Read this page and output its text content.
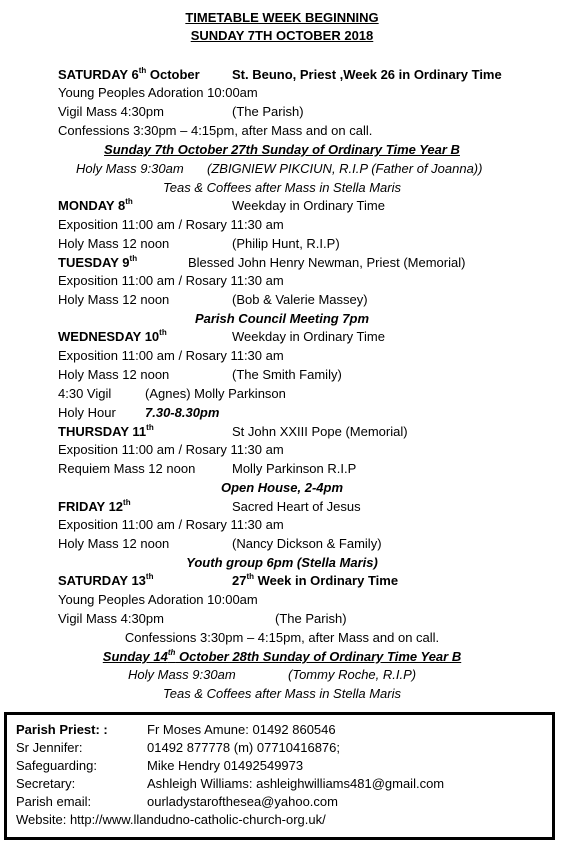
TIMETABLE WEEK BEGINNING
SUNDAY 7TH OCTOBER 2018
SATURDAY 6th October St. Beuno, Priest ,Week 26 in Ordinary Time
Young Peoples Adoration 10:00am
Vigil Mass 4:30pm	(The Parish)
Confessions 3:30pm – 4:15pm, after Mass and on call.
Sunday 7th October 27th Sunday of Ordinary Time Year B
Holy Mass 9:30am (ZBIGNIEW PIKCIUN, R.I.P (Father of Joanna))
Teas & Coffees after Mass in Stella Maris
MONDAY 8th	Weekday in Ordinary Time
Exposition 11:00 am / Rosary 11:30 am
Holy Mass 12 noon	(Philip Hunt, R.I.P)
TUESDAY 9th	Blessed John Henry Newman, Priest (Memorial)
Exposition 11:00 am / Rosary 11:30 am
Holy Mass 12 noon	(Bob & Valerie Massey)
Parish Council Meeting 7pm
WEDNESDAY 10th	Weekday in Ordinary Time
Exposition 11:00 am / Rosary 11:30 am
Holy Mass 12 noon	(The Smith Family)
4:30 Vigil	(Agnes) Molly Parkinson
Holy Hour 7.30-8.30pm
THURSDAY 11th	St John XXIII Pope (Memorial)
Exposition 11:00 am / Rosary 11:30 am
Requiem Mass 12 noon	Molly Parkinson R.I.P
Open House, 2-4pm
FRIDAY 12th	Sacred Heart of Jesus
Exposition 11:00 am / Rosary 11:30 am
Holy Mass 12 noon	(Nancy Dickson & Family)
Youth group 6pm (Stella Maris)
SATURDAY 13th	27th Week in Ordinary Time
Young Peoples Adoration 10:00am
Vigil Mass 4:30pm	(The Parish)
Confessions 3:30pm – 4:15pm, after Mass and on call.
Sunday 14th October 28th Sunday of Ordinary Time Year B
Holy Mass 9:30am	(Tommy Roche, R.I.P)
Teas & Coffees after Mass in Stella Maris
Parish Priest: :	Fr Moses Amune: 01492 860546
Sr Jennifer:	01492 877778 (m) 07710416876;
Safeguarding:	Mike Hendry 01492549973
Secretary:	Ashleigh Williams: ashleighwilliams481@gmail.com
Parish email:	ourladystaroftheseа@yahoo.com
Website: http://www.llandudno-catholic-church-org.uk/
